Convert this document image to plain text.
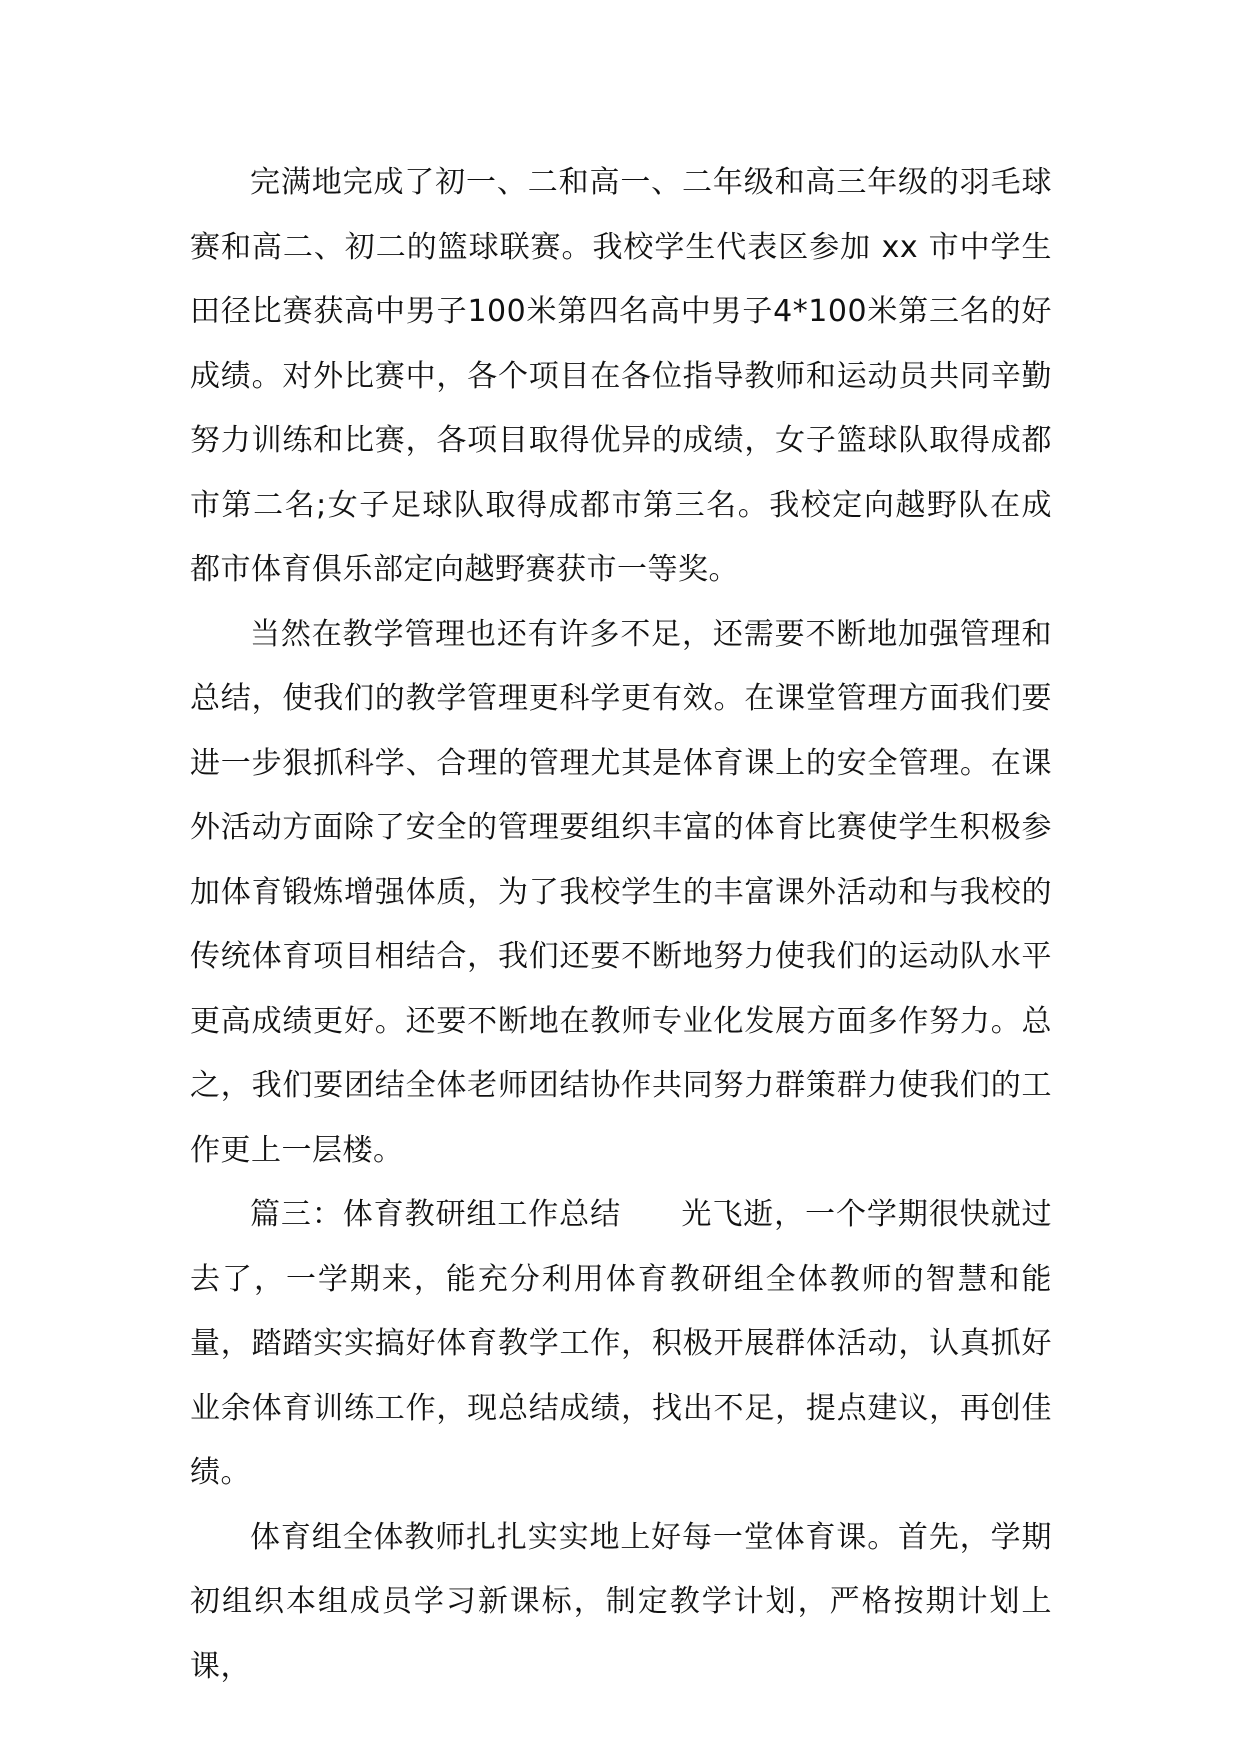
完满地完成了初一、二和高一、二年级和高三年级的羽毛球赛和高二、初二的篮球联赛。我校学生代表区参加 xx 市中学生田径比赛获高中男子100米第四名高中男子4*100米第三名的好成绩。对外比赛中，各个项目在各位指导教师和运动员共同辛勤努力训练和比赛，各项目取得优异的成绩，女子篮球队取得成都市第二名;女子足球队取得成都市第三名。我校定向越野队在成都市体育俱乐部定向越野赛获市一等奖。

当然在教学管理也还有许多不足，还需要不断地加强管理和总结，使我们的教学管理更科学更有效。在课堂管理方面我们要进一步狠抓科学、合理的管理尤其是体育课上的安全管理。在课外活动方面除了安全的管理要组织丰富的体育比赛使学生积极参加体育锻炼增强体质，为了我校学生的丰富课外活动和与我校的传统体育项目相结合，我们还要不断地努力使我们的运动队水平更高成绩更好。还要不断地在教师专业化发展方面多作努力。总之，我们要团结全体老师团结协作共同努力群策群力使我们的工作更上一层楼。

篇三：体育教研组工作总结 光飞逝，一个学期很快就过去了，一学期来，能充分利用体育教研组全体教师的智慧和能量，踏踏实实搞好体育教学工作，积极开展群体活动，认真抓好业余体育训练工作，现总结成绩，找出不足，提点建议，再创佳绩。

体育组全体教师扎扎实实地上好每一堂体育课。首先，学期初组织本组成员学习新课标，制定教学计划，严格按期计划上课，
